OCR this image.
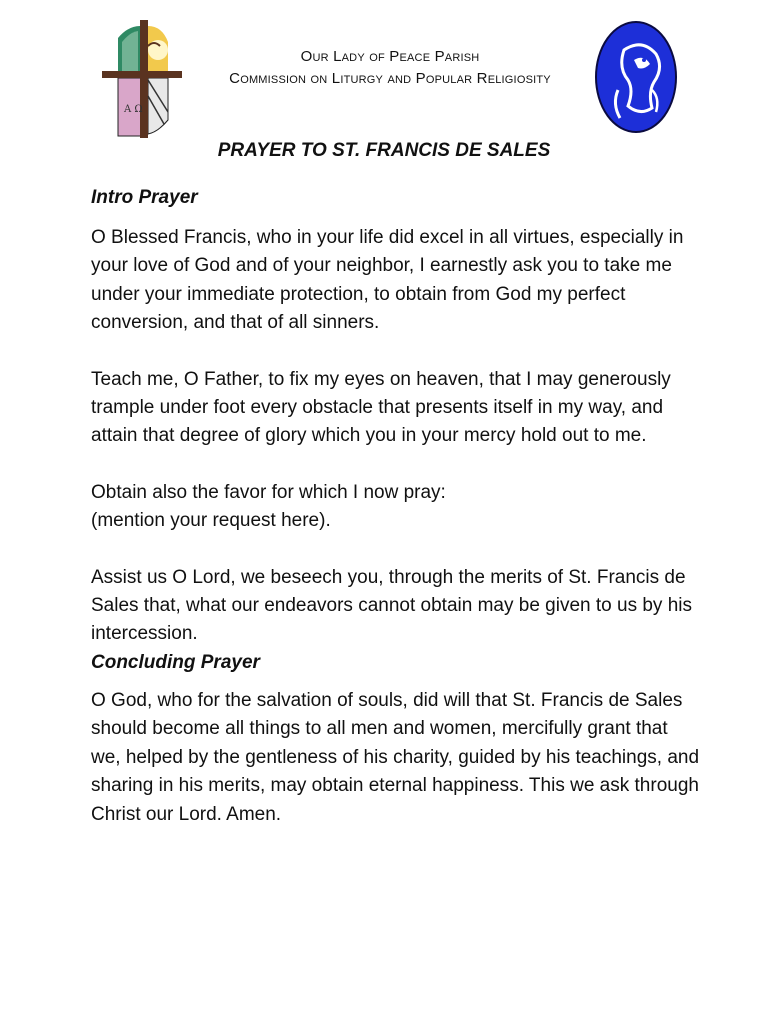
A Ω
Our Lady of Peace Parish
Commission on Liturgy and Popular Religiosity
PRAYER TO ST. FRANCIS DE SALES
Intro Prayer

O Blessed Francis, who in your life did excel in all virtues, especially in your love of God and of your neighbor, I earnestly ask you to take me under your immediate protection, to obtain from God my perfect conversion, and that of all sinners.

Teach me, O Father, to fix my eyes on heaven, that I may generously trample under foot every obstacle that presents itself in my way, and attain that degree of glory which you in your mercy hold out to me.

Obtain also the favor for which I now pray:

(mention your request here).

Assist us O Lord, we beseech you, through the merits of St. Francis de Sales that, what our endeavors cannot obtain may be given to us by his intercession.

Concluding Prayer

O God, who for the salvation of souls, did will that St. Francis de Sales should become all things to all men and women, mercifully grant that we, helped by the gentleness of his charity, guided by his teachings, and sharing in his merits, may obtain eternal happiness. This we ask through Christ our Lord. Amen.
